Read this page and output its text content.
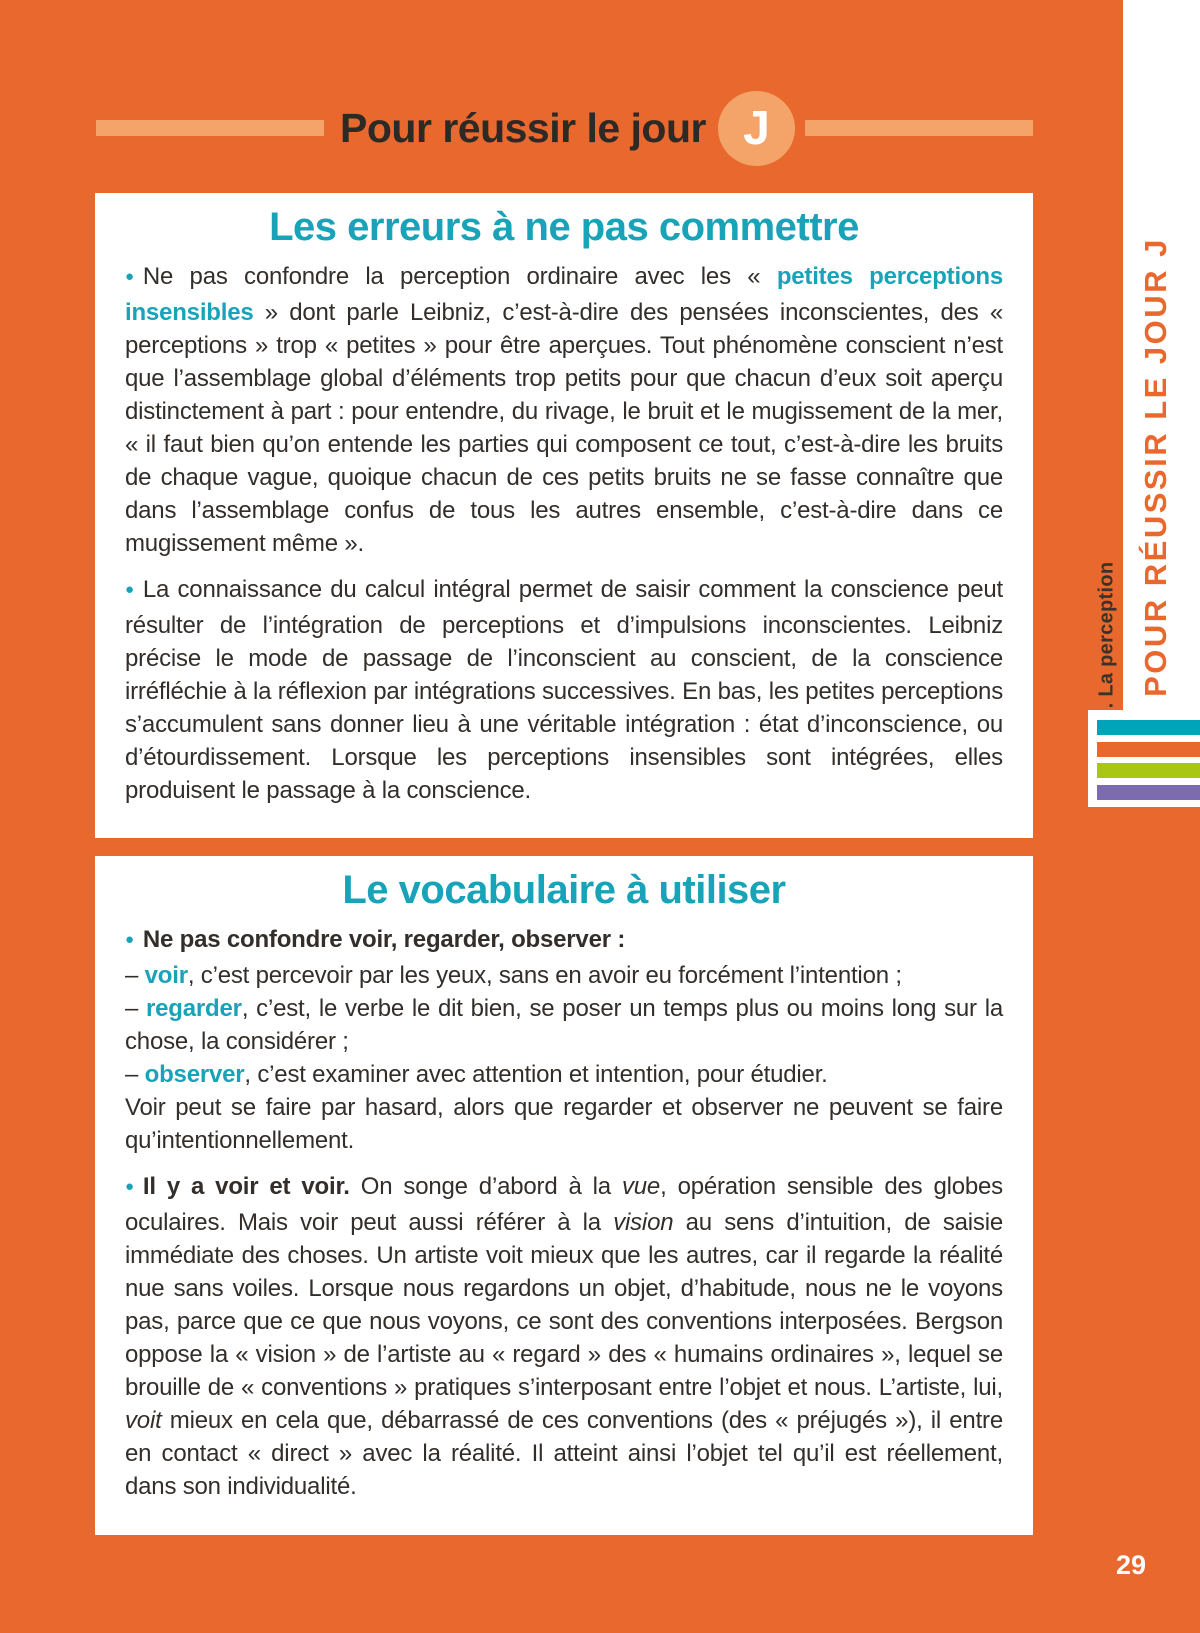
Pour réussir le jour J
Les erreurs à ne pas commettre

● Ne pas confondre la perception ordinaire avec les « petites perceptions insensibles » dont parle Leibniz, c’est-à-dire des pensées inconscientes, des « perceptions » trop « petites » pour être aperçues. Tout phénomène conscient n’est que l’assemblage global d’éléments trop petits pour que chacun d’eux soit aperçu distinctement à part : pour entendre, du rivage, le bruit et le mugissement de la mer, « il faut bien qu’on entende les parties qui composent ce tout, c’est-à-dire les bruits de chaque vague, quoique chacun de ces petits bruits ne se fasse connaître que dans l’assemblage confus de tous les autres ensemble, c’est-à-dire dans ce mugissement même ».

● La connaissance du calcul intégral permet de saisir comment la conscience peut résulter de l’intégration de perceptions et d’impulsions inconscientes. Leibniz précise le mode de passage de l’inconscient au conscient, de la conscience irréfléchie à la réflexion par intégrations successives. En bas, les petites perceptions s’accumulent sans donner lieu à une véritable intégration : état d’inconscience, ou d’étourdissement. Lorsque les perceptions insensibles sont intégrées, elles produisent le passage à la conscience.

Le vocabulaire à utiliser

● Ne pas confondre voir, regarder, observer :

– voir, c’est percevoir par les yeux, sans en avoir eu forcément l’intention ;

– regarder, c’est, le verbe le dit bien, se poser un temps plus ou moins long sur la chose, la considérer ;

– observer, c’est examiner avec attention et intention, pour étudier.

Voir peut se faire par hasard, alors que regarder et observer ne peuvent se faire qu’intentionnellement.

● Il y a voir et voir. On songe d’abord à la vue, opération sensible des globes oculaires. Mais voir peut aussi référer à la vision au sens d’intuition, de saisie immédiate des choses. Un artiste voit mieux que les autres, car il regarde la réalité nue sans voiles. Lorsque nous regardons un objet, d’habitude, nous ne le voyons pas, parce que ce que nous voyons, ce sont des conventions interposées. Bergson oppose la « vision » de l’artiste au « regard » des « humains ordinaires », lequel se brouille de « conventions » pratiques s’interposant entre l’objet et nous. L’artiste, lui, voit mieux en cela que, débarrassé de ces conventions (des « préjugés »), il entre en contact « direct » avec la réalité. Il atteint ainsi l’objet tel qu’il est réellement, dans son individualité.

POUR RÉUSSIR LE JOUR J
. La perception
29
